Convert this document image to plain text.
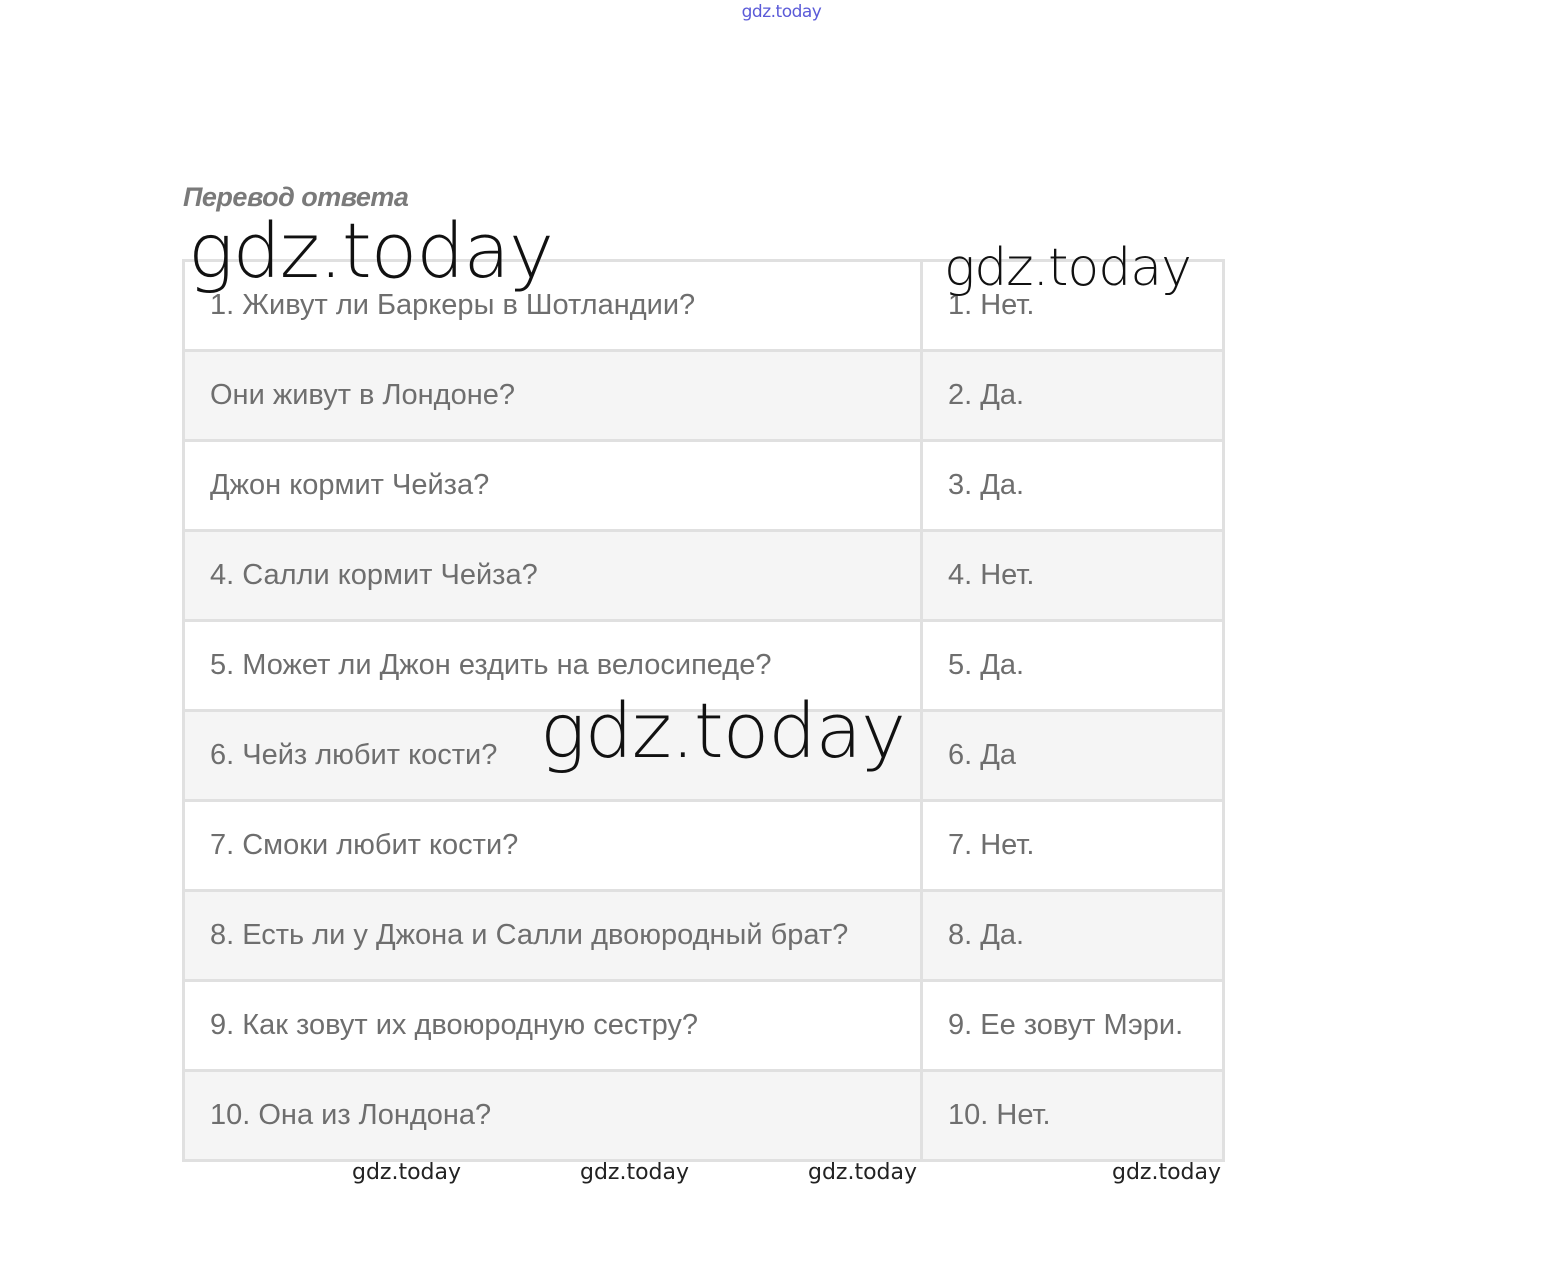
gdz.today
Перевод ответа
1. Живут ли Баркеры в Шотландии?	1. Нет.
Они живут в Лондоне?	2. Да.
Джон кормит Чейза?	3. Да.
4. Салли кормит Чейза?	4. Нет.
5. Может ли Джон ездить на велосипеде?	5. Да.
6. Чейз любит кости?	6. Да
7. Смоки любит кости?	7. Нет.
8. Есть ли у Джона и Салли двоюродный брат?	8. Да.
9. Как зовут их двоюродную сестру?	9. Ее зовут Мэри.
10. Она из Лондона?	10. Нет.
gdz.today	gdz.today
gdz.today
gdz.today	gdz.today	gdz.today	gdz.today
